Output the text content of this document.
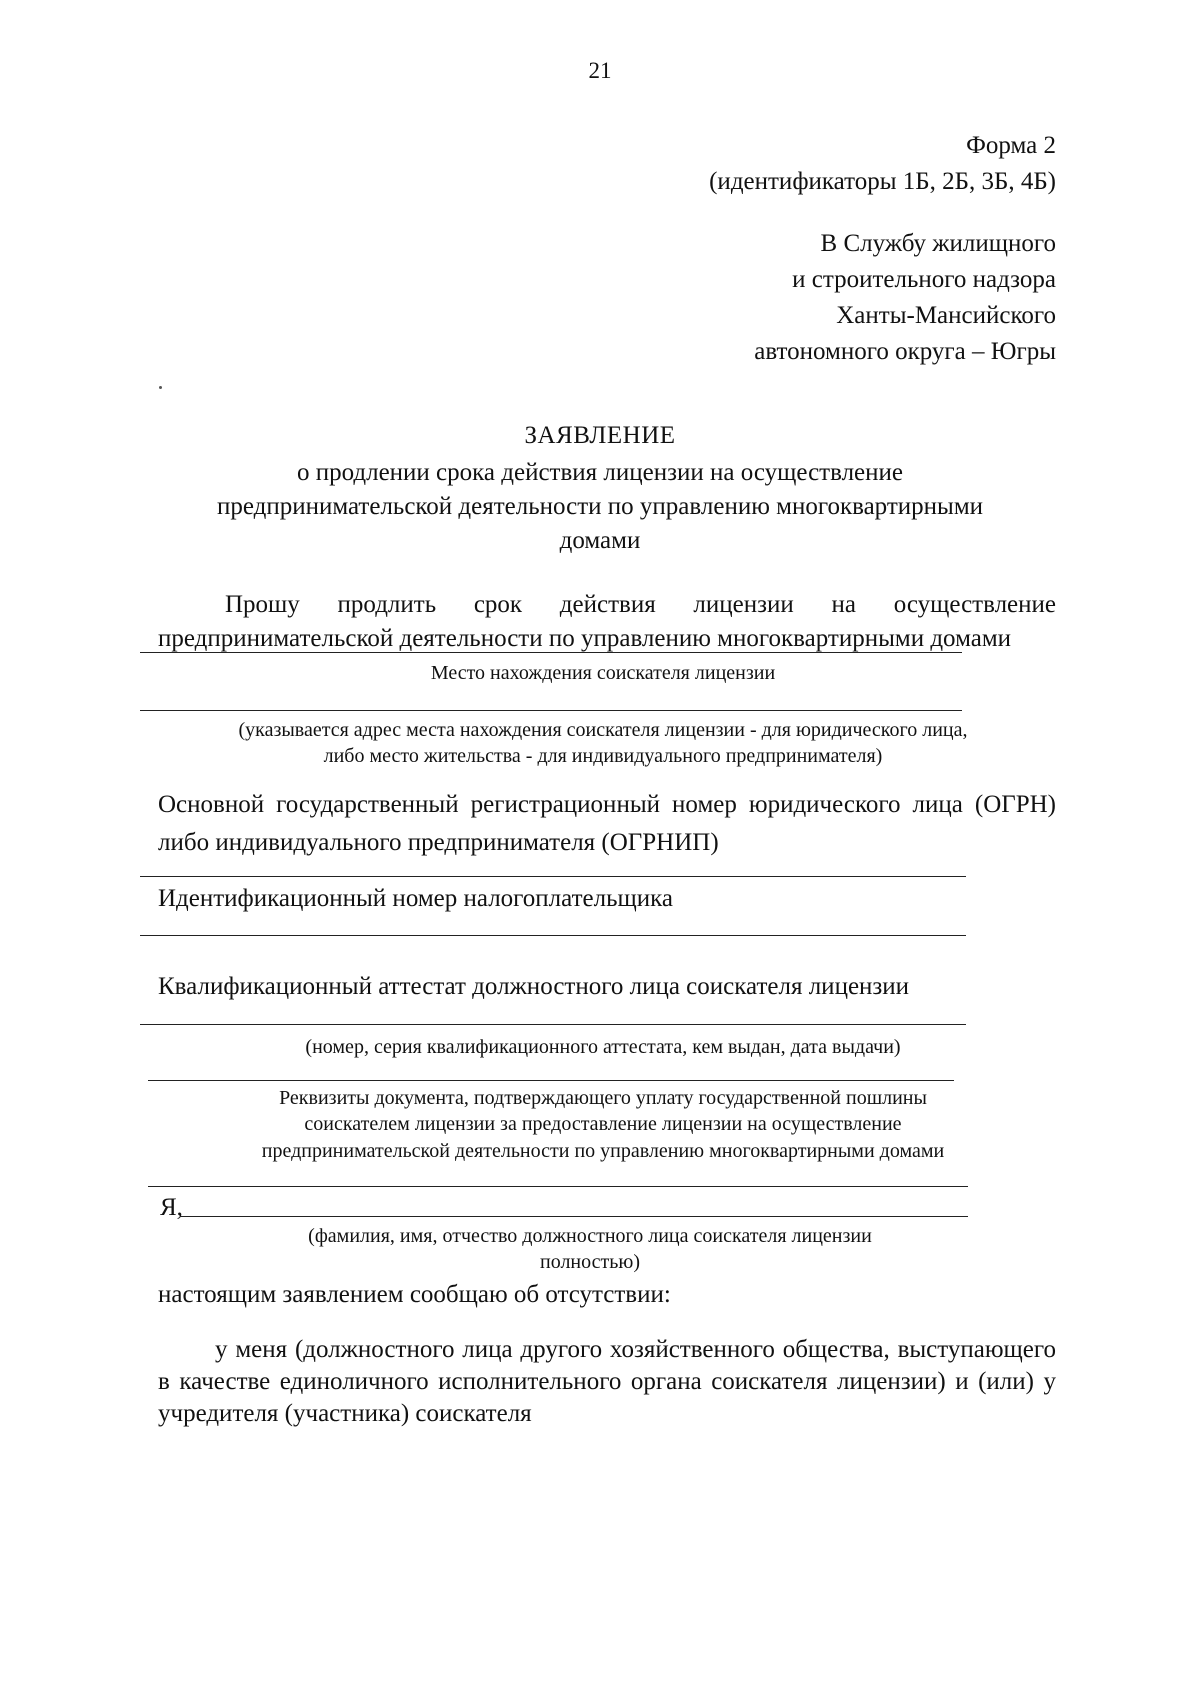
21
Форма 2
(идентификаторы 1Б, 2Б, 3Б, 4Б)
В Службу жилищного
и строительного надзора
Ханты-Мансийского
автономного округа – Югры
ЗАЯВЛЕНИЕ
о продлении срока действия лицензии на осуществление
предпринимательской деятельности по управлению многоквартирными
домами
Прошу продлить срок действия лицензии на осуществление предпринимательской деятельности по управлению многоквартирными домами
Место нахождения соискателя лицензии
(указывается адрес места нахождения соискателя лицензии - для юридического лица,
либо место жительства - для индивидуального предпринимателя)
Основной государственный регистрационный номер юридического лица (ОГРН) либо индивидуального предпринимателя (ОГРНИП)
Идентификационный номер налогоплательщика
Квалификационный аттестат должностного лица соискателя лицензии
(номер, серия квалификационного аттестата, кем выдан, дата выдачи)
Реквизиты документа, подтверждающего уплату государственной пошлины
соискателем лицензии за предоставление лицензии на осуществление
предпринимательской деятельности по управлению многоквартирными домами
Я,
(фамилия, имя, отчество должностного лица соискателя лицензии
полностью)
настоящим заявлением сообщаю об отсутствии:
у меня (должностного лица другого хозяйственного общества, выступающего в качестве единоличного исполнительного органа соискателя лицензии) и (или) у учредителя (участника) соискателя
